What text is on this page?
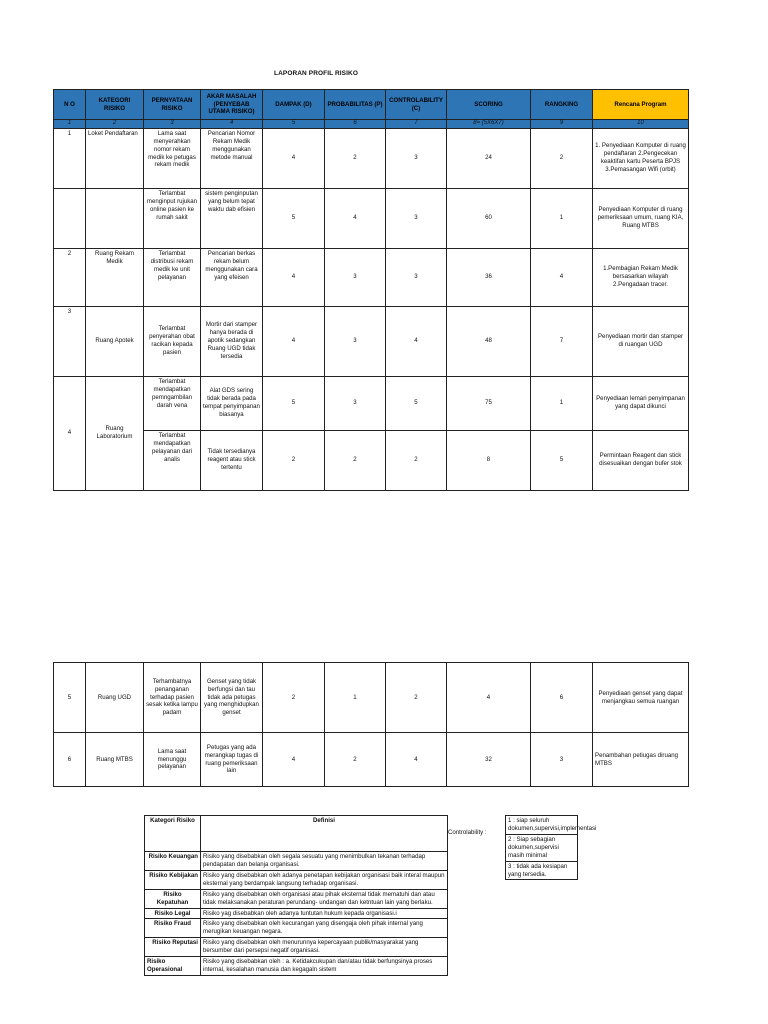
LAPORAN PROFIL RISIKO
N O	KATEGORI RISIKO	PERNYATAAN RISIKO	AKAR MASALAH (PENYEBAB UTAMA RISIKO)	DAMPAK (D)	PROBABILITAS (P)	CONTROLABILITY (C)	SCORING	RANGKING	Rencana Program
1	2	3	4	5	6	7	8= (5X6X7)	9	10
1	Loket Pendaftaran	Lama saat menyerahkan nomor rekam medik ke petugas rekam medik	Pencarian Nomor Rekam Medik menggunakan metode manual	4	2	3	24	2	1. Penyediaan Komputer di ruang pendaftaran 2.Pengecekan keaktifan kartu Peserta BPJS 3.Pemasangan Wifi (orbit)
		Terlambat menginput rujukan online pasien ke rumah sakit	sistem penginputan yang belum tepat waktu dab efisien	5	4	3	60	1	Penyediaan Komputer di ruang pemeriksaan umum, ruang KIA, Ruang MTBS
2	Ruang Rekam Medik	Terlambat distribusi rekam medik ke unit pelayanan	Pencarian berkas rekam belum menggunakan cara yang efeisen	4	3	3	36	4	1.Pembagian Rekam Medik bersasarkan wilayah 2.Pengadaan tracer.
3	Ruang Apotek	Terlambat penyerahan obat racikan kepada pasien	Mortir dari stamper hanya berada di apotik sedangkan Ruang UGD tidak tersedia	4	3	4	48	7	Penyediaan mortir dan stamper di ruangan UGD
4	Ruang Laboratorium	Terlambat mendapatkan pemngambilan darah vena	Alat GDS sering tidak berada pada tempat penyimpanan biasanya	5	3	5	75	1	Penyediaan lemari penyimpanan yang dapat dikunci
		Terlambat mendapatkan pelayanan dari analis	Tidak tersedianya reagent atau stick tertentu	2	2	2	8	5	Permintaan Reagent dan stick disesuaikan dengan bufer stok
5	Ruang UGD	Terhambatnya penanganan terhadap pasien sesak ketika lampu padam	Genset yang tidak berfungsi dan tau tidak ada petugas yang menghidupkan genset	2	1	2	4	6	Penyediaan genset yang dapat menjangkau semua ruangan
6	Ruang MTBS	Lama saat menunggu pelayanan	Petugas yang ada merangkap tugas di ruang pemeriksaan lain	4	2	4	32	3	Penambahan petiugas diruang MTBS
Kategori Risiko	Definisi
Risiko Keuangan	Risiko yang disebabkan oleh segala sesuatu yang menimbulkan tekanan terhadap pendapatan dan belanja organisasi.
Risiko Kebijakan	Risiko yang disebabkan oleh adanya penetapan kebijakan organisasi baik interal maupun eksternal yang berdampak langsung terhadap organisasi.
Risiko Kepatuhan	Risiko yang disebabkan oleh organisasi atau pihak eksternal tidak mematuhi dan atau tidak melaksanakan peraturan perundang- undangan dan ketntuan lain yang berlaku.
Risiko Legal	Risiko yag disebabkan oleh adanya tuntutan hukum kepada organisasi.i
Risiko Fraud	Risiko yang disebabkan oleh kecurangan yang disengaja oleh pihak internal yang merugikan keuangan negara.
Risiko Reputasi	Risiko yang disebabkan oleh menurunnya kepercayaan publik/masyarakat yang bersumber dari persepsi negatif organisasi.
Risiko Operasional	Risiko yang disebabkan oleh : a. Ketidakcukupan dan/atau tidak berfungsinya proses internal, kesalahan manusia dan kegagaln sistem
Controlability :
1 : siap seluruh dokumen,supervisi,implementasi
2 : Siap sebagian dokumen,supervisi masih minimal
3 : tidak ada kesiapan yang tersedia.
